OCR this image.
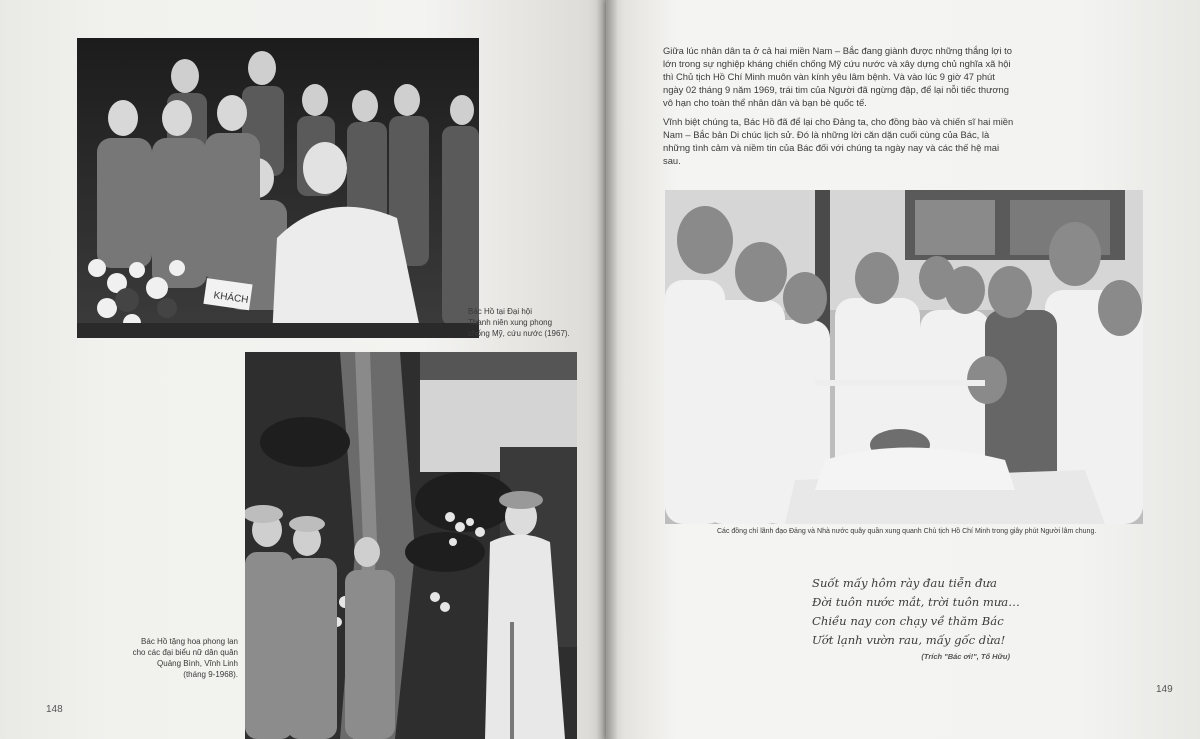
KHÁCH
Bác Hồ tại Đại hội
Thanh niên xung phong
chống Mỹ, cứu nước (1967).
Bác Hồ tặng hoa phong lan
cho các đại biểu nữ dân quân
Quảng Bình, Vĩnh Linh
(tháng 9-1968).
148

Giữa lúc nhân dân ta ở cả hai miền Nam – Bắc đang giành được những thắng lợi to lớn trong sự nghiệp kháng chiến chống Mỹ cứu nước và xây dựng chủ nghĩa xã hội thì Chủ tịch Hồ Chí Minh muôn vàn kính yêu lâm bệnh. Và vào lúc 9 giờ 47 phút ngày 02 tháng 9 năm 1969, trái tim của Người đã ngừng đập, để lại nỗi tiếc thương vô hạn cho toàn thể nhân dân và bạn bè quốc tế.

Vĩnh biệt chúng ta, Bác Hồ đã để lại cho Đảng ta, cho đồng bào và chiến sĩ hai miền Nam – Bắc bản Di chúc lịch sử. Đó là những lời căn dặn cuối cùng của Bác, là những tình cảm và niềm tin của Bác đối với chúng ta ngày nay và các thế hệ mai sau.

Các đồng chí lãnh đạo Đảng và Nhà nước quây quần xung quanh Chủ tịch Hồ Chí Minh trong giây phút Người lâm chung.
Suốt mấy hôm rày đau tiễn đưa
Đời tuôn nước mắt, trời tuôn mưa…
Chiều nay con chạy về thăm Bác
Ướt lạnh vườn rau, mấy gốc dừa!
(Trích "Bác ơi!", Tố Hữu)
149
